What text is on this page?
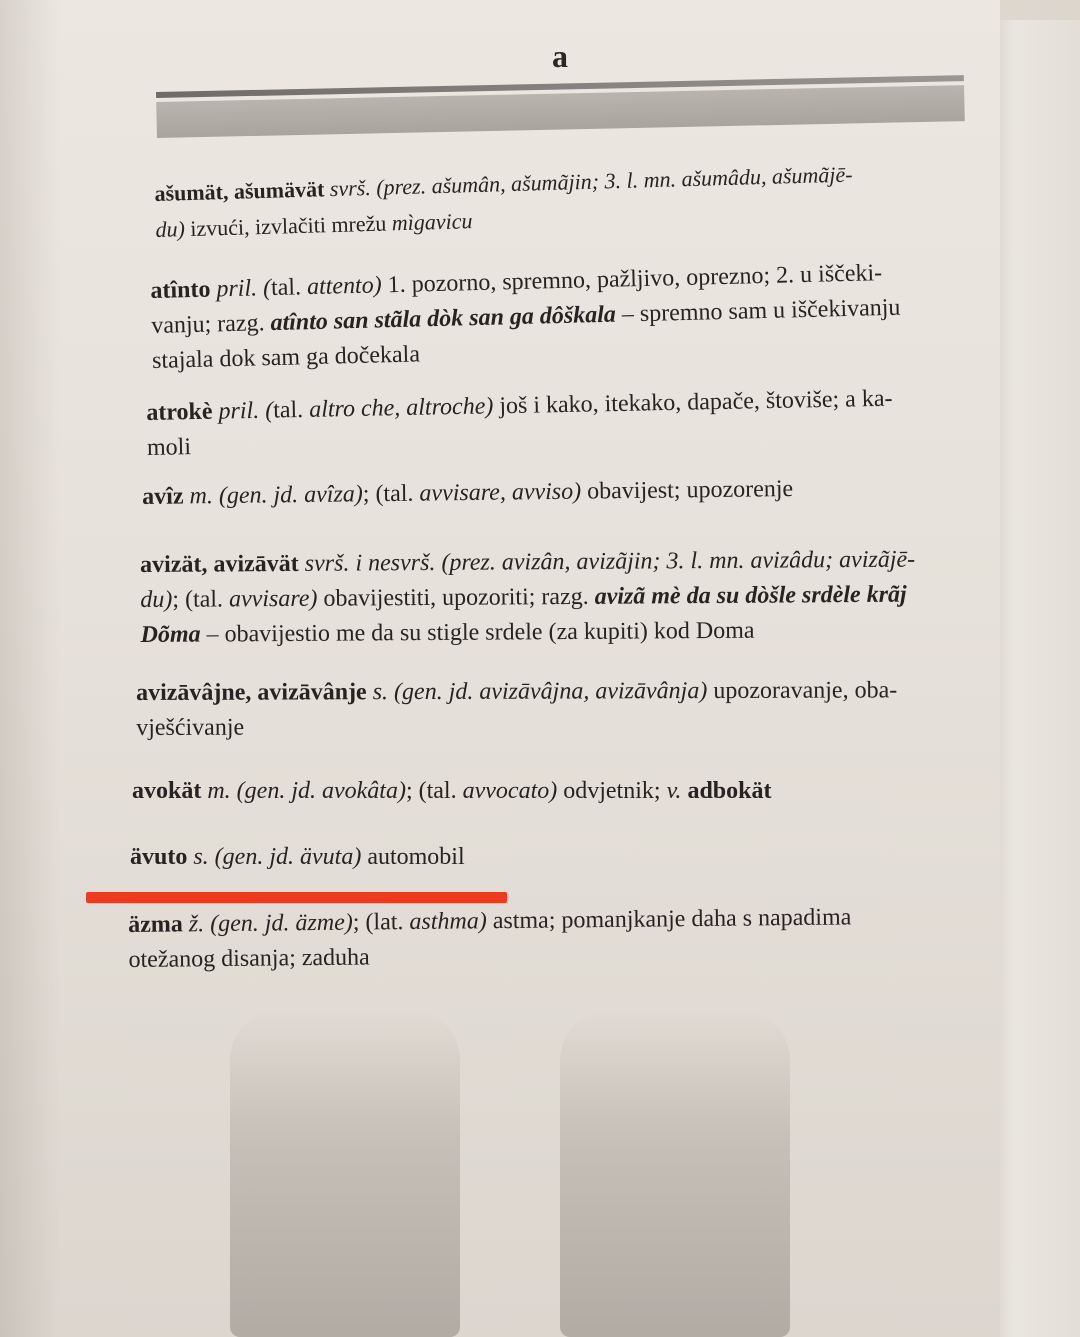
a
ašumät, ašumävät svrš. (prez. ašumân, ašumãjin; 3. l. mn. ašumâdu, ašumãjē-
du) izvući, izvlačiti mrežu mìgavicu
atînto pril. (tal. attento) 1. pozorno, spremno, pažljivo, oprezno; 2. u iščeki-
vanju; razg. atînto san stãla dòk san ga dôškala – spremno sam u iščekivanju
stajala dok sam ga dočekala
atrokè pril. (tal. altro che, altroche) još i kako, itekako, dapače, štoviše; a ka-
moli
avîz m. (gen. jd. avîza); (tal. avvisare, avviso) obavijest; upozorenje
avizät, avizāvät svrš. i nesvrš. (prez. avizân, avizãjin; 3. l. mn. avizâdu; avizãjē-
du); (tal. avvisare) obavijestiti, upozoriti; razg. avizã mè da su dòšle srdèle krãj
Dõma – obavijestio me da su stigle srdele (za kupiti) kod Doma
avizāvâjne, avizāvânje s. (gen. jd. avizāvâjna, avizāvânja) upozoravanje, oba-
vješćivanje
avokät m. (gen. jd. avokâta); (tal. avvocato) odvjetnik; v. adbokät
ävuto s. (gen. jd. ävuta) automobil
äzma ž. (gen. jd. äzme); (lat. asthma) astma; pomanjkanje daha s napadima
otežanog disanja; zaduha
